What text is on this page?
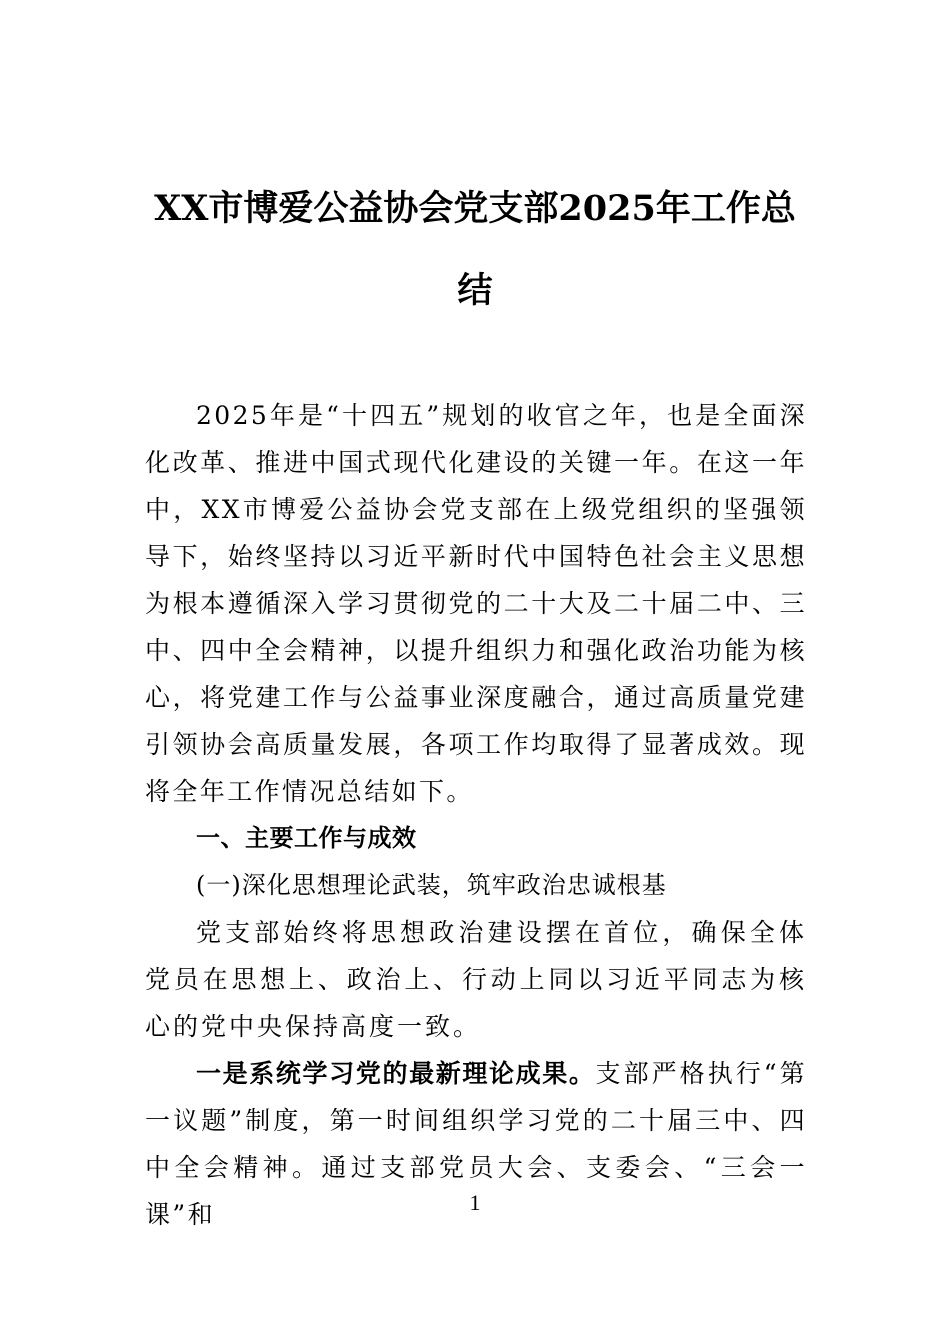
XX市博爱公益协会党支部2025年工作总
结

2025年是“十四五”规划的收官之年，也是全面深化改革、推进中国式现代化建设的关键一年。在这一年中，XX市博爱公益协会党支部在上级党组织的坚强领导下，始终坚持以习近平新时代中国特色社会主义思想为根本遵循深入学习贯彻党的二十大及二十届二中、三中、四中全会精神，以提升组织力和强化政治功能为核心，将党建工作与公益事业深度融合，通过高质量党建引领协会高质量发展，各项工作均取得了显著成效。现将全年工作情况总结如下。

一、主要工作与成效

(一)深化思想理论武装，筑牢政治忠诚根基

党支部始终将思想政治建设摆在首位，确保全体党员在思想上、政治上、行动上同以习近平同志为核心的党中央保持高度一致。

一是系统学习党的最新理论成果。支部严格执行“第一议题”制度，第一时间组织学习党的二十届三中、四中全会精神。通过支部党员大会、支委会、“三会一课”和	1
